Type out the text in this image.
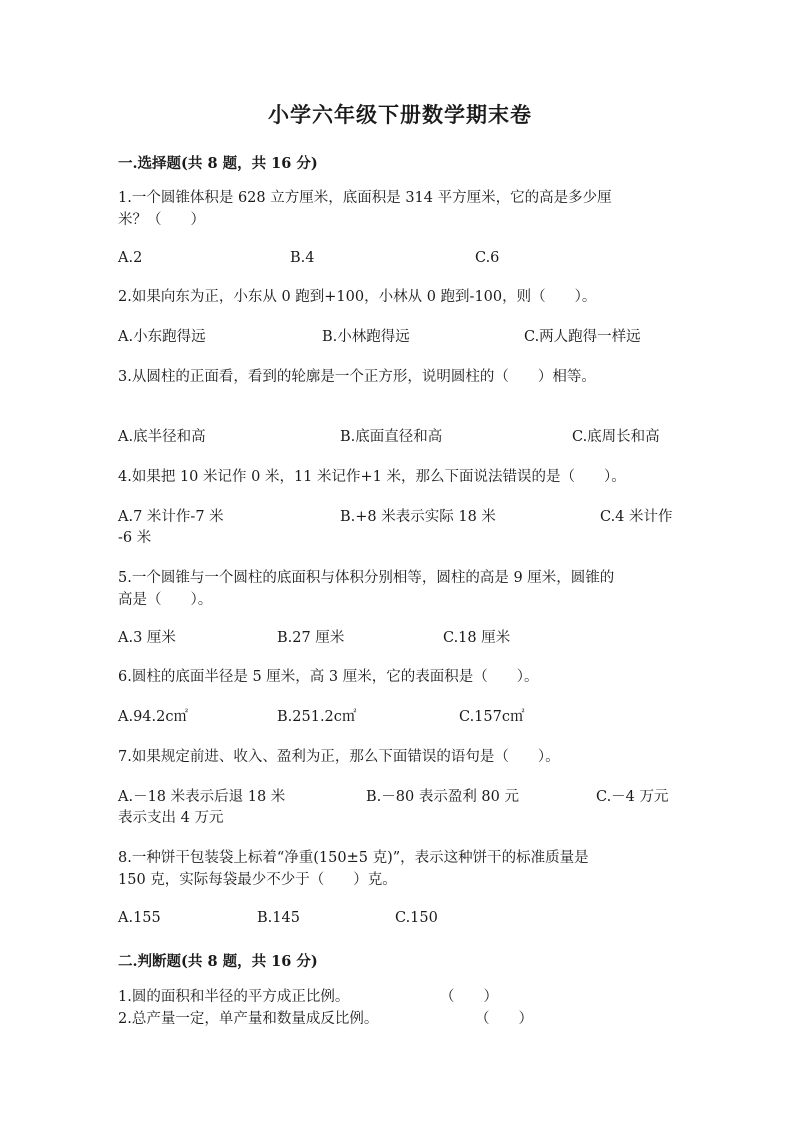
小学六年级下册数学期末卷
一.选择题(共 8 题，共 16 分)
1.一个圆锥体积是 628 立方厘米，底面积是 314 平方厘米，它的高是多少厘
米？（　　）
A.2	B.4	C.6
2.如果向东为正，小东从 0 跑到+100，小林从 0 跑到-100，则（　　）。
A.小东跑得远	B.小林跑得远	C.两人跑得一样远
3.从圆柱的正面看，看到的轮廓是一个正方形，说明圆柱的（　　）相等。
A.底半径和高	B.底面直径和高	C.底周长和高
4.如果把 10 米记作 0 米，11 米记作+1 米，那么下面说法错误的是（　　）。
A.7 米计作-7 米	B.+8 米表示实际 18 米	C.4 米计作
-6 米
5.一个圆锥与一个圆柱的底面积与体积分别相等，圆柱的高是 9 厘米，圆锥的
高是（　　）。
A.3 厘米	B.27 厘米	C.18 厘米
6.圆柱的底面半径是 5 厘米，高 3 厘米，它的表面积是（　　）。
A.94.2c㎡	B.251.2c㎡	C.157c㎡
7.如果规定前进、收入、盈利为正，那么下面错误的语句是（　　）。
A.－18 米表示后退 18 米	B.－80 表示盈利 80 元	C.－4 万元
表示支出 4 万元
8.一种饼干包装袋上标着“净重(150±5 克)”，表示这种饼干的标准质量是
150 克，实际每袋最少不少于（　　）克。
A.155	B.145	C.150
二.判断题(共 8 题，共 16 分)
1.圆的面积和半径的平方成正比例。	（　　）
2.总产量一定，单产量和数量成反比例。	（　　）
